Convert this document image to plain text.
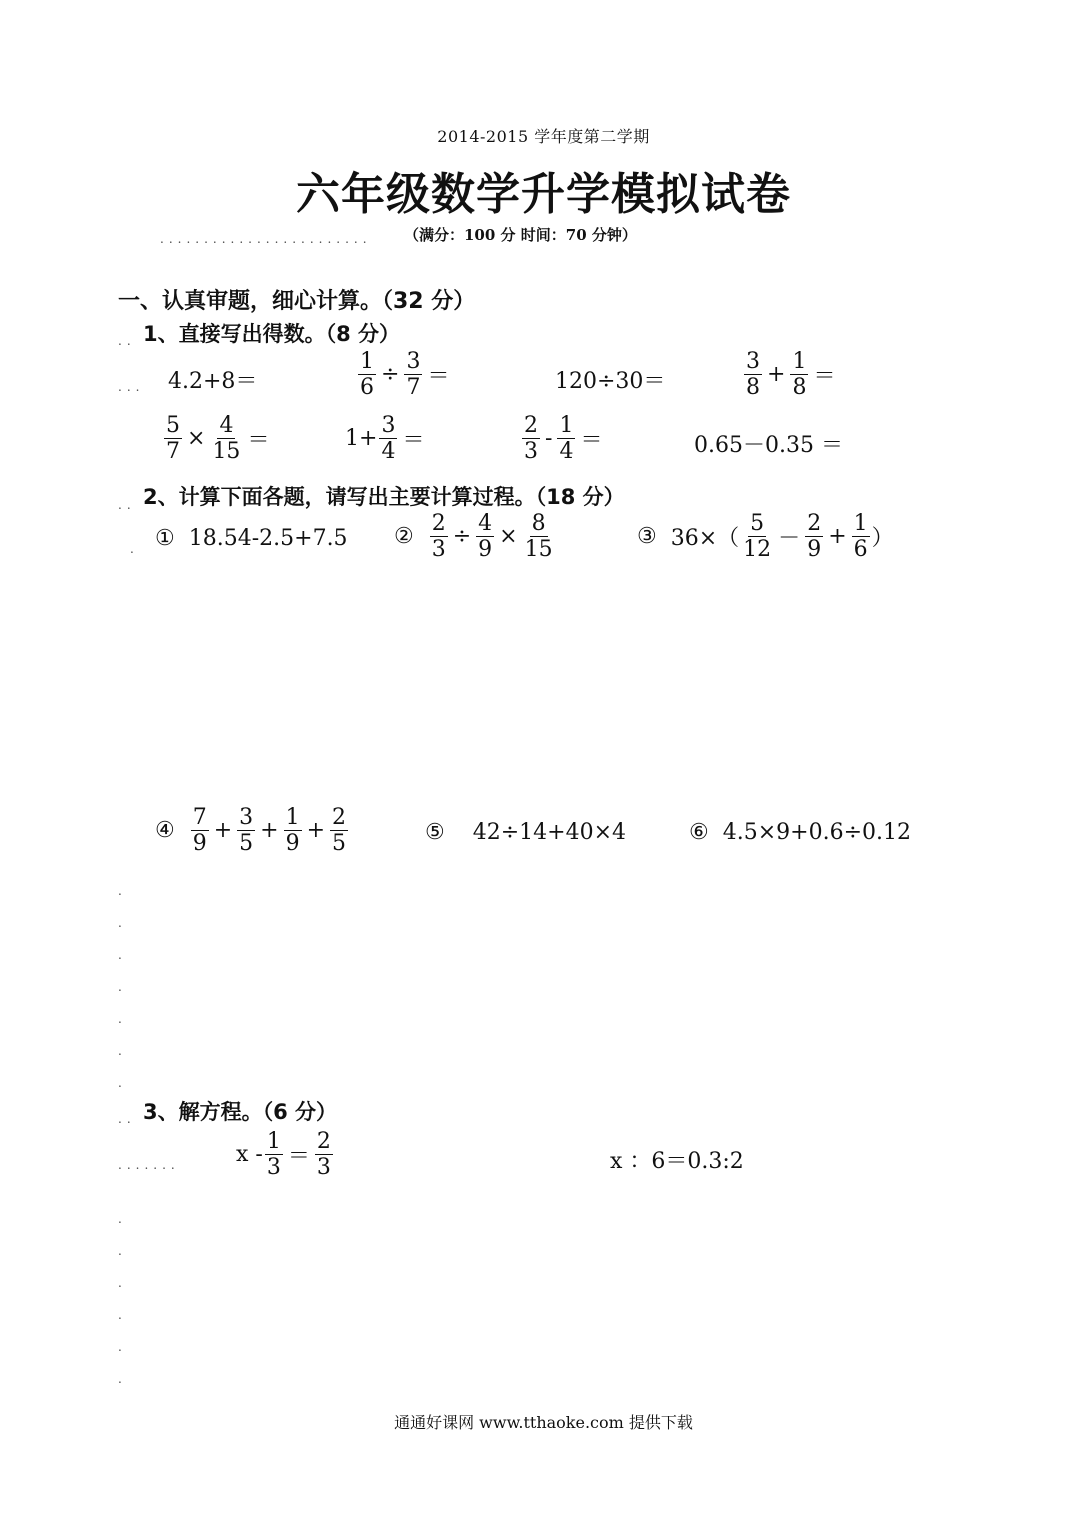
2014-2015 学年度第二学期
六年级数学升学模拟试卷
........................ （满分：100 分 时间：70 分钟）
一、认真审题，细心计算。（32 分）
.. 1、直接写出得数。（8 分）
... 4.2+8＝	$\frac{1}{6} \div \frac{3}{7}$ ＝	120÷30＝	$\frac{3}{8} + \frac{1}{8}$ ＝
$\frac{5}{7} \times \frac{4}{15}$ ＝	$1+ \frac{3}{4}$ ＝	$\frac{2}{3} - \frac{1}{4}$ ＝	0.65－0.35 ＝
.. 2、计算下面各题，请写出主要计算过程。（18 分）
. ① 18.54-2.5+7.5 ② $\frac{2}{3} \div \frac{4}{9} \times \frac{8}{15}$	③ $36\times( \frac{5}{12} - \frac{2}{9} + \frac{1}{6}$ ）
④ $\frac{7}{9} + \frac{3}{5} + \frac{1}{9} + \frac{2}{5}$	⑤ 42÷14+40×4	⑥ 4.5×9+0.6÷0.12
.
.
.
.
.
.
.
.. 3、解方程。（6 分）
.......	$x - \frac{1}{3} = \frac{2}{3}$	x ：6＝0.3:2
.
.
.
.
.
.
通通好课网 www.tthaoke.com 提供下载
